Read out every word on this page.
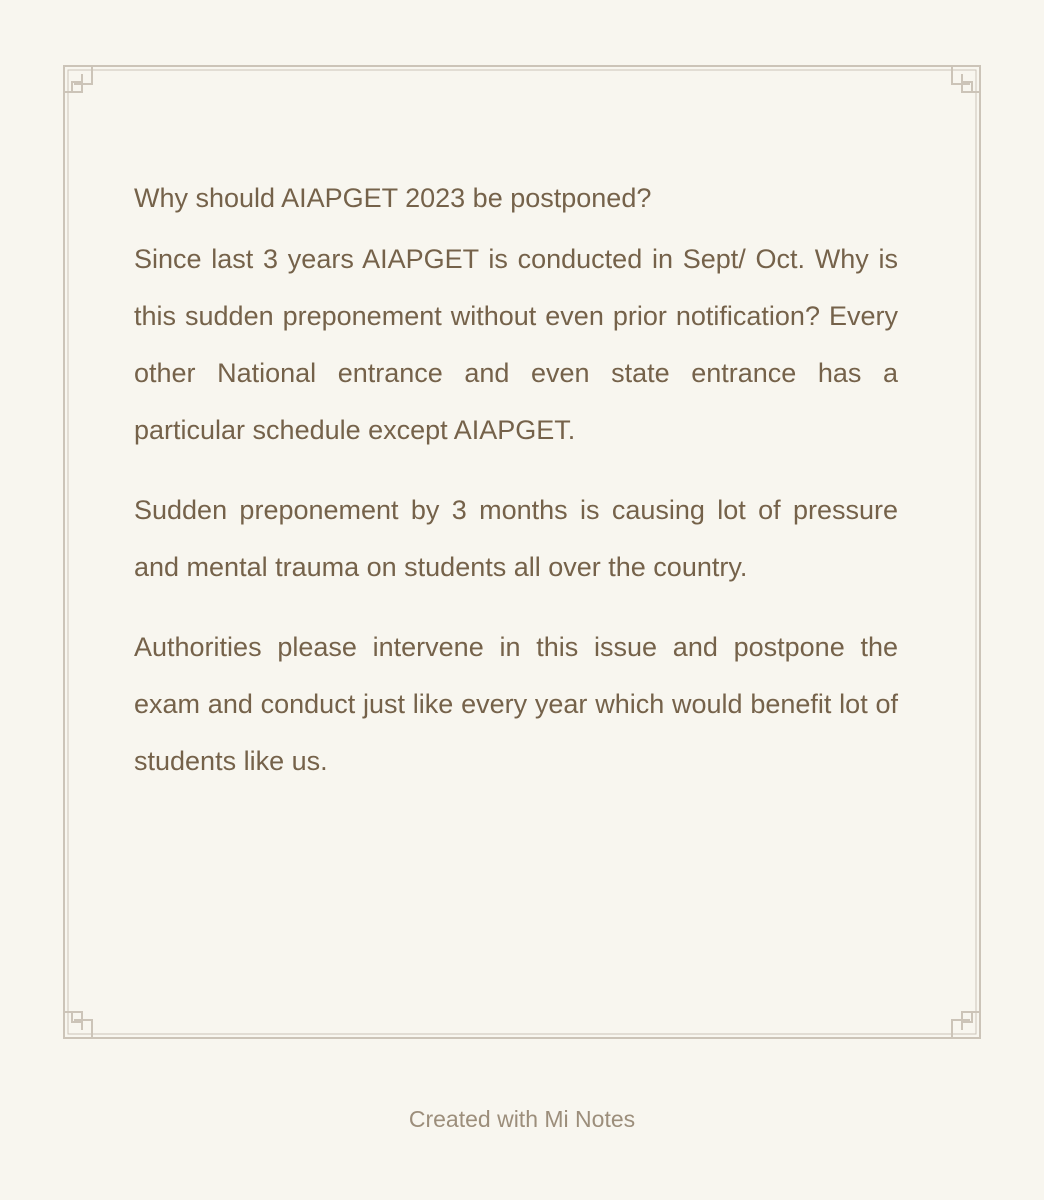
Why should AIAPGET 2023 be postponed?

Since last 3 years AIAPGET is conducted in Sept/ Oct. Why is this sudden preponement without even prior notification? Every other National entrance and even state entrance has a particular schedule except AIAPGET.

Sudden preponement by 3 months is causing lot of pressure and mental trauma on students all over the country.

Authorities please intervene in this issue and postpone the exam and conduct just like every year which would benefit lot of students like us.

Created with Mi Notes
